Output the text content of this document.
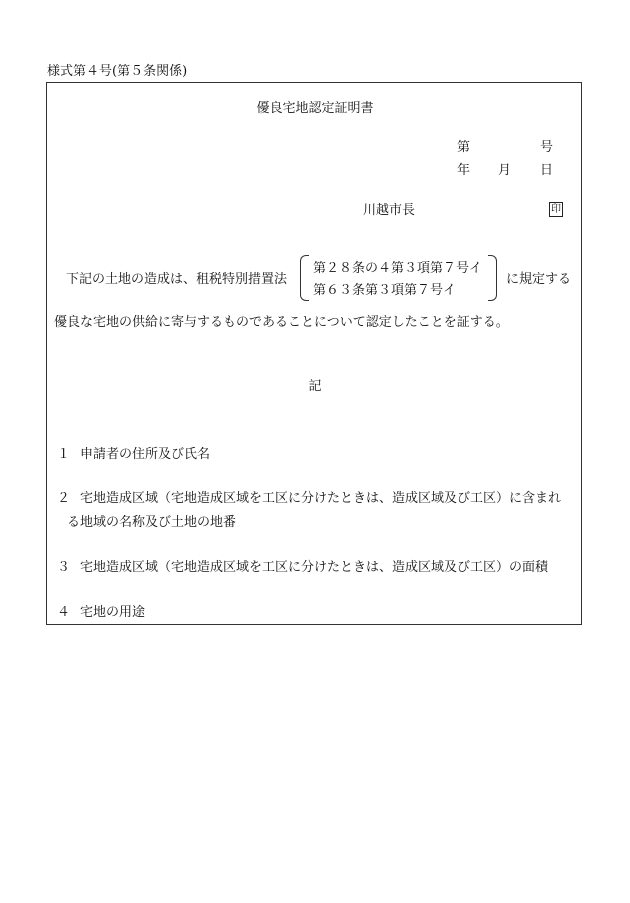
様式第４号(第５条関係)
優良宅地認定証明書
第	号
年 月 日
川越市長	印
下記の土地の造成は、租税特別措置法
第２８条の４第３項第７号イ
第６３条第３項第７号イ
に規定する
優良な宅地の供給に寄与するものであることについて認定したことを証する。
記
１ 申請者の住所及び氏名
２ 宅地造成区域（宅地造成区域を工区に分けたときは、造成区域及び工区）に含まれ
る地域の名称及び土地の地番
３ 宅地造成区域（宅地造成区域を工区に分けたときは、造成区域及び工区）の面積
４ 宅地の用途
